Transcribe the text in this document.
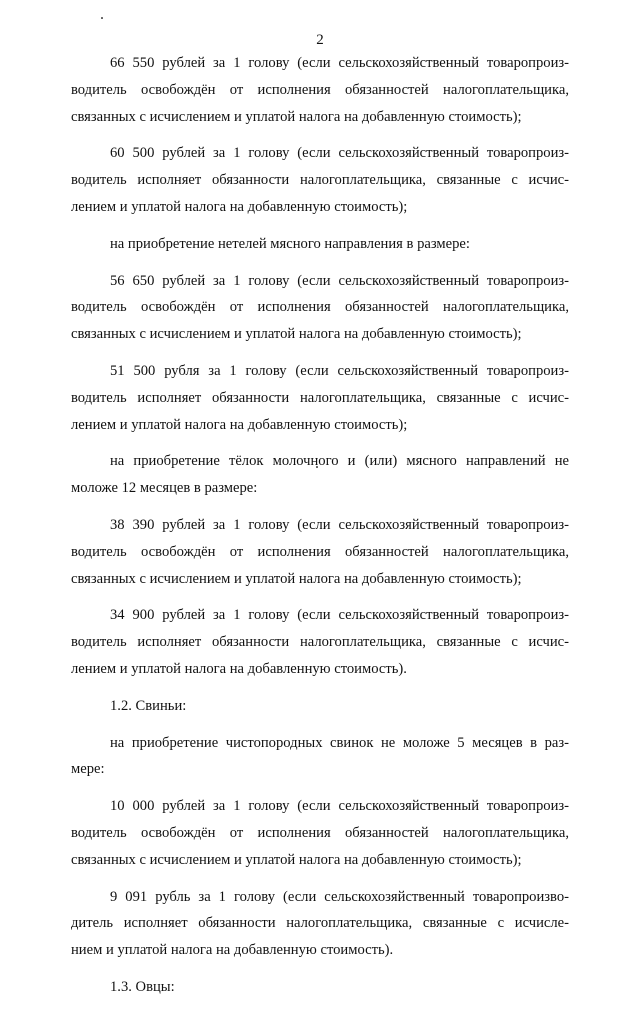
2
66 550 рублей за 1 голову (если сельскохозяйственный товаропроиз-
водитель освобождён от исполнения обязанностей налогоплательщика,
связанных с исчислением и уплатой налога на добавленную стоимость);
60 500 рублей за 1 голову (если сельскохозяйственный товаропроиз-
водитель исполняет обязанности налогоплательщика, связанные с исчис-
лением и уплатой налога на добавленную стоимость);
на приобретение нетелей мясного направления в размере:
56 650 рублей за 1 голову (если сельскохозяйственный товаропроиз-
водитель освобождён от исполнения обязанностей налогоплательщика,
связанных с исчислением и уплатой налога на добавленную стоимость);
51 500 рубля за 1 голову (если сельскохозяйственный товаропроиз-
водитель исполняет обязанности налогоплательщика, связанные с исчис-
лением и уплатой налога на добавленную стоимость);
на приобретение тёлок молочного и (или) мясного направлений не
моложе 12 месяцев в размере:
38 390 рублей за 1 голову (если сельскохозяйственный товаропроиз-
водитель освобождён от исполнения обязанностей налогоплательщика,
связанных с исчислением и уплатой налога на добавленную стоимость);
34 900 рублей за 1 голову (если сельскохозяйственный товаропроиз-
водитель исполняет обязанности налогоплательщика, связанные с исчис-
лением и уплатой налога на добавленную стоимость).
1.2. Свиньи:
на приобретение чистопородных свинок не моложе 5 месяцев в раз-
мере:
10 000 рублей за 1 голову (если сельскохозяйственный товаропроиз-
водитель освобождён от исполнения обязанностей налогоплательщика,
связанных с исчислением и уплатой налога на добавленную стоимость);
9 091 рубль за 1 голову (если сельскохозяйственный товаропроизво-
дитель исполняет обязанности налогоплательщика, связанные с исчисле-
нием и уплатой налога на добавленную стоимость).
1.3. Овцы:
